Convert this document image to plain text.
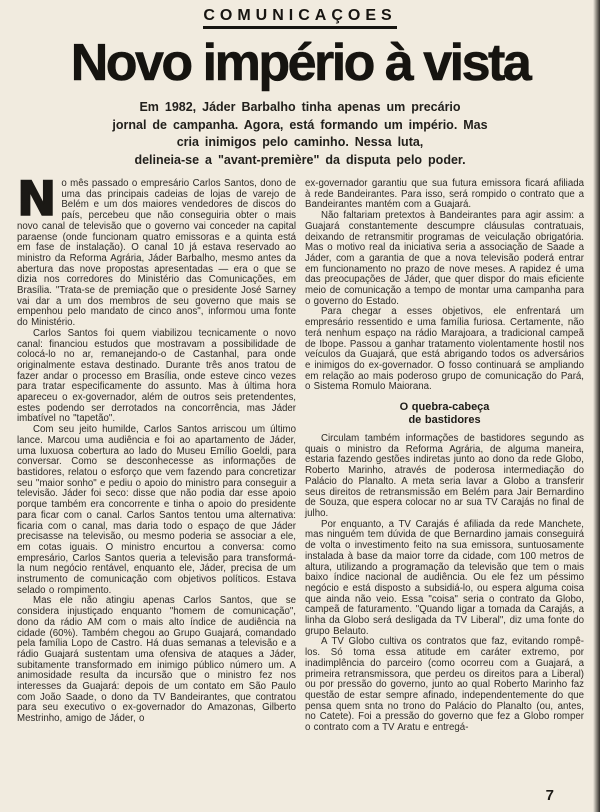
COMUNICAÇOES
Novo império à vista
Em 1982, Jáder Barbalho tinha apenas um precário
jornal de campanha. Agora, está formando um império. Mas
cria inimigos pelo caminho. Nessa luta,
delineia-se a "avant-première" da disputa pelo poder.

No mês passado o empresário Carlos Santos, dono de uma das principais cadeias de lojas de varejo de Belém e um dos maiores vendedores de discos do país, percebeu que não conseguiria obter o mais novo canal de televisão que o governo vai conceder na capital paraense (onde funcionam quatro emissoras e a quinta está em fase de instalação). O canal 10 já estava reservado ao ministro da Reforma Agrária, Jáder Barbalho, mesmo antes da abertura das nove propostas apresentadas — era o que se dizia nos corredores do Ministério das Comunicações, em Brasília. "Trata-se de premiação que o presidente José Sarney vai dar a um dos membros de seu governo que mais se empenhou pelo mandato de cinco anos", informou uma fonte do Ministério.

Carlos Santos foi quem viabilizou tecnicamente o novo canal: financiou estudos que mostravam a possibilidade de colocá-lo no ar, remanejando-o de Castanhal, para onde originalmente estava destinado. Durante três anos tratou de fazer andar o processo em Brasília, onde esteve cinco vezes para tratar especificamente do assunto. Mas à última hora apareceu o ex-governador, além de outros seis pretendentes, estes podendo ser derrotados na concorrência, mas Jáder imbatível no "tapetão".

Com seu jeito humilde, Carlos Santos arriscou um último lance. Marcou uma audiência e foi ao apartamento de Jáder, uma luxuosa cobertura ao lado do Museu Emílio Goeldi, para conversar. Como se desconhecesse as informações de bastidores, relatou o esforço que vem fazendo para concretizar seu "maior sonho" e pediu o apoio do ministro para conseguir a televisão. Jáder foi seco: disse que não podia dar esse apoio porque também era concorrente e tinha o apoio do presidente para ficar com o canal. Carlos Santos tentou uma alternativa: ficaria com o canal, mas daria todo o espaço de que Jáder precisasse na televisão, ou mesmo poderia se associar a ele, em cotas iguais. O ministro encurtou a conversa: como empresário, Carlos Santos queria a televisão para transformá-la num negócio rentável, enquanto ele, Jáder, precisa de um instrumento de comunicação com objetivos políticos. Estava selado o rompimento.

Mas ele não atingiu apenas Carlos Santos, que se considera injustiçado enquanto "homem de comunicação", dono da rádio AM com o mais alto índice de audiência na cidade (60%). Também chegou ao Grupo Guajará, comandado pela família Lopo de Castro. Há duas semanas a televisão e a rádio Guajará sustentam uma ofensiva de ataques a Jáder, subitamente transformado em inimigo público número um. A animosidade resulta da incursão que o ministro fez nos interesses da Guajará: depois de um contato em São Paulo com João Saade, o dono da TV Bandeirantes, que contratou para seu executivo o ex-governador do Amazonas, Gilberto Mestrinho, amigo de Jáder, o

ex-governador garantiu que sua futura emissora ficará afiliada à rede Bandeirantes. Para isso, será rompido o contrato que a Bandeirantes mantém com a Guajará.

Não faltariam pretextos à Bandeirantes para agir assim: a Guajará constantemente descumpre cláusulas contratuais, deixando de retransmitir programas de veiculação obrigatória. Mas o motivo real da iniciativa seria a associação de Saade a Jáder, com a garantia de que a nova televisão poderá entrar em funcionamento no prazo de nove meses. A rapidez é uma das preocupações de Jáder, que quer dispor do mais eficiente meio de comunicação a tempo de montar uma campanha para o governo do Estado.

Para chegar a esses objetivos, ele enfrentará um empresário ressentido e uma família furiosa. Certamente, não terá nenhum espaço na rádio Marajoara, a tradicional campeã de Ibope. Passou a ganhar tratamento violentamente hostil nos veículos da Guajará, que está abrigando todos os adversários e inimigos do ex-governador. O fosso continuará se ampliando em relação ao mais poderoso grupo de comunicação do Pará, o Sistema Romulo Maiorana.

O quebra-cabeça
de bastidores

Circulam também informações de bastidores segundo as quais o ministro da Reforma Agrária, de alguma maneira, estaria fazendo gestões indiretas junto ao dono da rede Globo, Roberto Marinho, através de poderosa intermediação do Palácio do Planalto. A meta seria lavar a Globo a transferir seus direitos de retransmissão em Belém para Jair Bernardino de Souza, que espera colocar no ar sua TV Carajás no final de julho.

Por enquanto, a TV Carajás é afiliada da rede Manchete, mas ninguém tem dúvida de que Bernardino jamais conseguirá de volta o investimento feito na sua emissora, suntuosamente instalada à base da maior torre da cidade, com 100 metros de altura, utilizando a programação da televisão que tem o mais baixo índice nacional de audiência. Ou ele fez um péssimo negócio e está disposto a subsidiá-lo, ou espera alguma coisa que ainda não veio. Essa "coisa" seria o contrato da Globo, campeã de faturamento. "Quando ligar a tomada da Carajás, a linha da Globo será desligada da TV Liberal", diz uma fonte do grupo Belauto.

A TV Globo cultiva os contratos que faz, evitando rompê-los. Só toma essa atitude em caráter extremo, por inadimplência do parceiro (como ocorreu com a Guajará, a primeira retransmissora, que perdeu os direitos para a Liberal) ou por pressão do governo, junto ao qual Roberto Marinho faz questão de estar sempre afinado, independentemente do que pensa quem snta no trono do Palácio do Planalto (ou, antes, no Catete). Foi a pressão do governo que fez a Globo romper o contrato com a TV Aratu e entregá-

7
